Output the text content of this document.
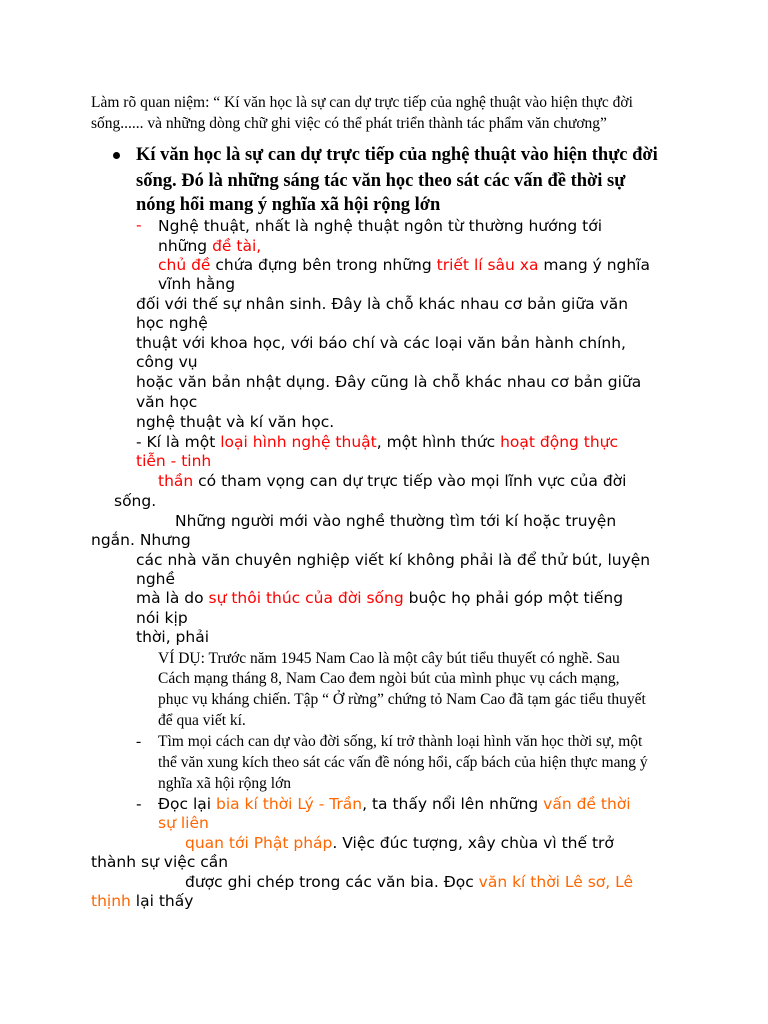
Làm rõ quan niệm: “ Kí văn học là sự can dự trực tiếp của nghệ thuật vào hiện thực đời
sống...... và những dòng chữ ghi việc có thể phát triển thành tác phẩm văn chương”
Kí văn học là sự can dự trực tiếp của nghệ thuật vào hiện thực đời
sống. Đó là những sáng tác văn học theo sát các vấn đề thời sự
nóng hổi mang ý nghĩa xã hội rộng lớn
- Nghệ thuật, nhất là nghệ thuật ngôn từ thường hướng tới
những đề tài,
chủ đề chứa đựng bên trong những triết lí sâu xa mang ý nghĩa
vĩnh hằng
đối với thế sự nhân sinh. Đây là chỗ khác nhau cơ bản giữa văn
học nghệ
thuật với khoa học, với báo chí và các loại văn bản hành chính,
công vụ
hoặc văn bản nhật dụng. Đây cũng là chỗ khác nhau cơ bản giữa
văn học
nghệ thuật và kí văn học.
- Kí là một loại hình nghệ thuật, một hình thức hoạt động thực
tiễn - tinh
thần có tham vọng can dự trực tiếp vào mọi lĩnh vực của đời
sống.
Những người mới vào nghề thường tìm tới kí hoặc truyện
ngắn. Nhưng
các nhà văn chuyên nghiệp viết kí không phải là để thử bút, luyện
nghề
mà là do sự thôi thúc của đời sống buộc họ phải góp một tiếng
nói kịp
thời, phải
VÍ DỤ: Trước năm 1945 Nam Cao là một cây bút tiểu thuyết có nghề. Sau
Cách mạng tháng 8, Nam Cao đem ngòi bút của mình phục vụ cách mạng,
phục vụ kháng chiến. Tập “ Ở rừng” chứng tỏ Nam Cao đã tạm gác tiểu thuyết
để qua viết kí.
- Tìm mọi cách can dự vào đời sống, kí trở thành loại hình văn học thời sự, một
thể văn xung kích theo sát các vấn đề nóng hổi, cấp bách của hiện thực mang ý
nghĩa xã hội rộng lớn
- Đọc lại bia kí thời Lý - Trần, ta thấy nổi lên những vấn đề thời
sự liên
quan tới Phật pháp. Việc đúc tượng, xây chùa vì thế trở
thành sự việc cần
được ghi chép trong các văn bia. Đọc văn kí thời Lê sơ, Lê
thịnh lại thấy
